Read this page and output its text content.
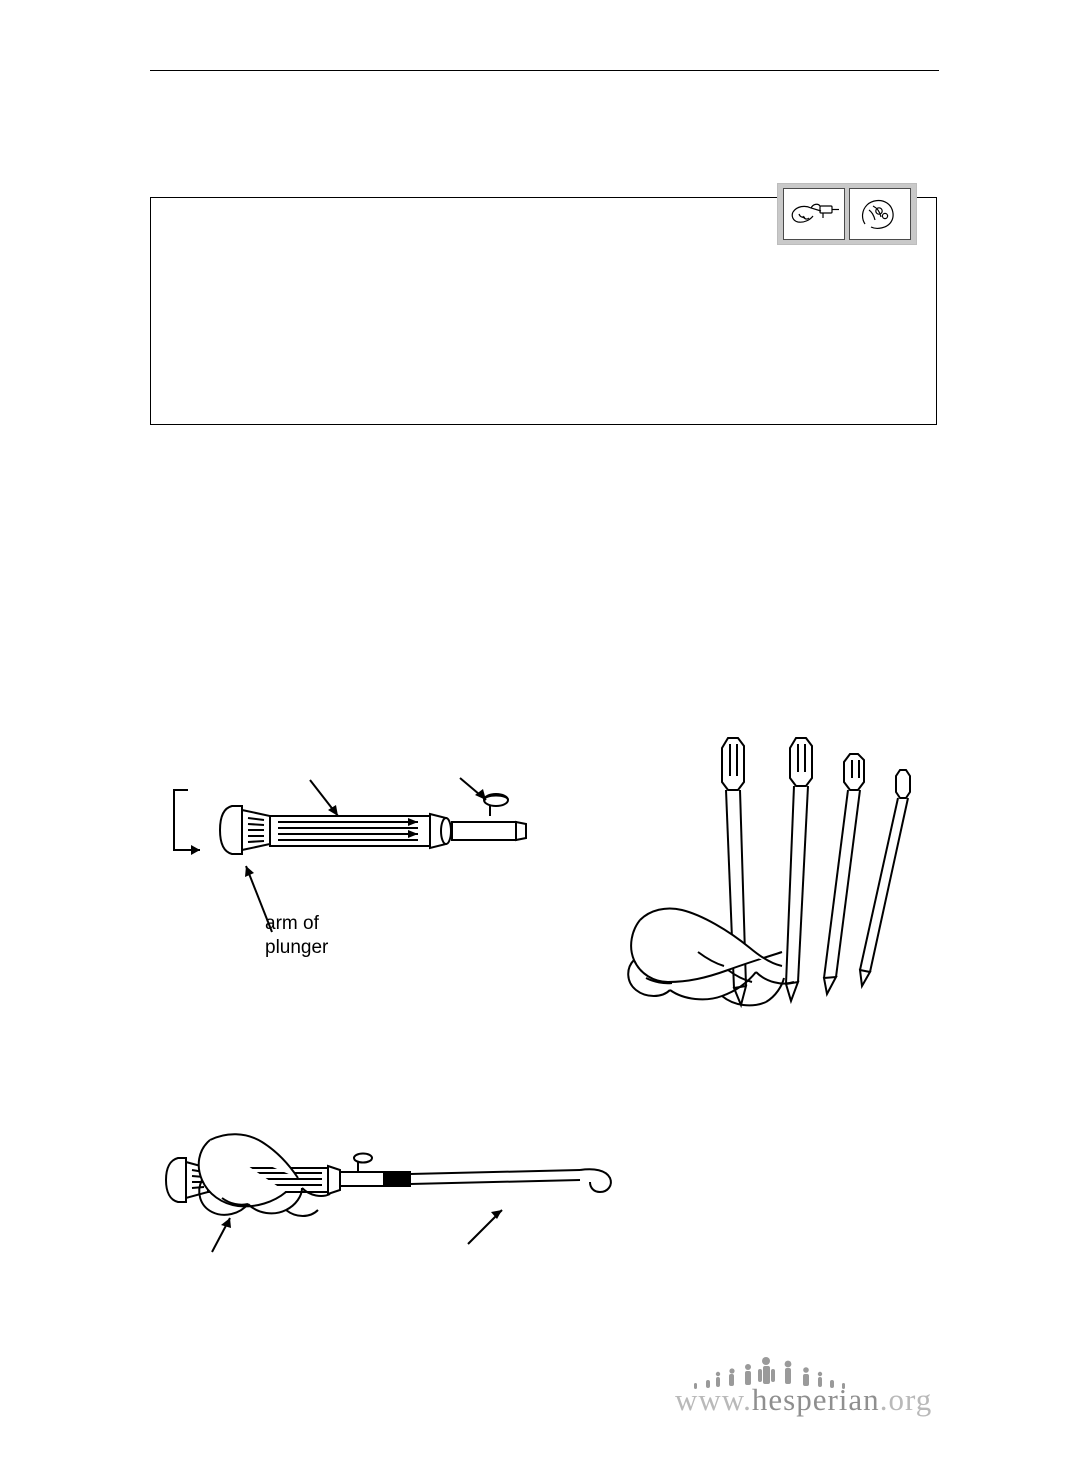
arm of
plunger
www.hesperian.org
